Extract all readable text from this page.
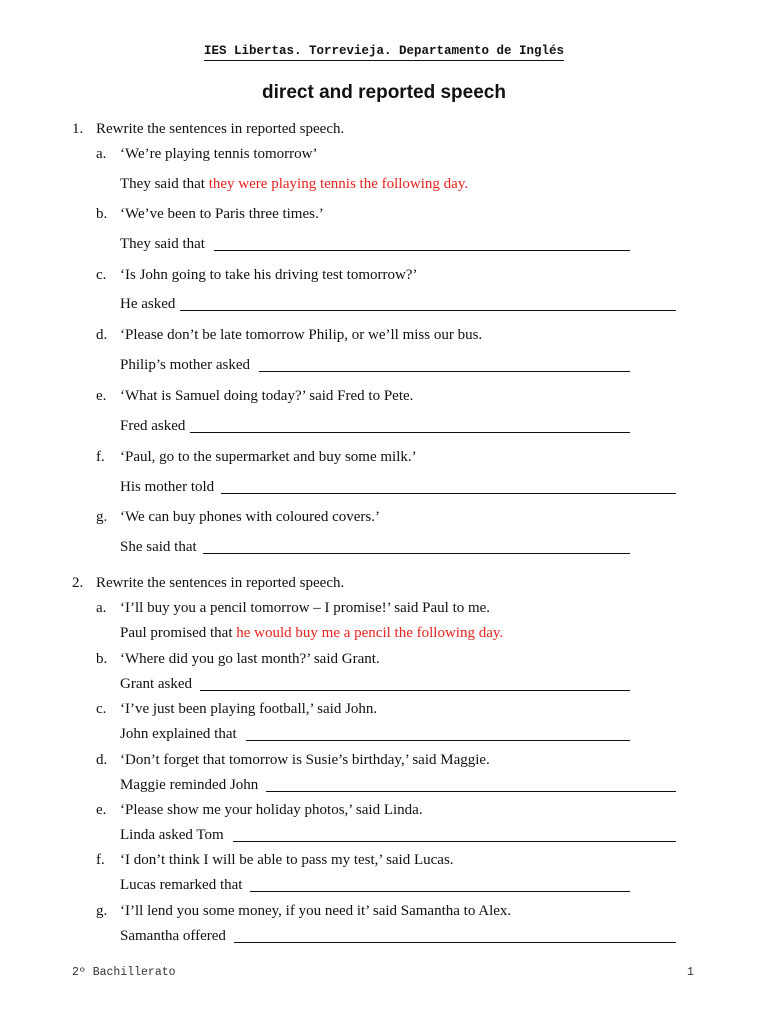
IES Libertas. Torrevieja. Departamento de Inglés
direct and reported speech
1. Rewrite the sentences in reported speech.
a. ‘We’re playing tennis tomorrow’
They said that they were playing tennis the following day.
b. ‘We’ve been to Paris three times.’
They said that
c. ‘Is John going to take his driving test tomorrow?’
He asked
d. ‘Please don’t be late tomorrow Philip, or we’ll miss our bus.
Philip’s mother asked
e. ‘What is Samuel doing today?’ said Fred to Pete.
Fred asked
f. ‘Paul, go to the supermarket and buy some milk.’
His mother told
g. ‘We can buy phones with coloured covers.’
She said that
2. Rewrite the sentences in reported speech.
a. ‘I’ll buy you a pencil tomorrow – I promise!’ said Paul to me.
Paul promised that he would buy me a pencil the following day.
b. ‘Where did you go last month?’ said Grant.
Grant asked
c. ‘I’ve just been playing football,’ said John.
John explained that
d. ‘Don’t forget that tomorrow is Susie’s birthday,’ said Maggie.
Maggie reminded John
e. ‘Please show me your holiday photos,’ said Linda.
Linda asked Tom
f. ‘I don’t think I will be able to pass my test,’ said Lucas.
Lucas remarked that
g. ‘I’ll lend you some money, if you need it’ said Samantha to Alex.
Samantha offered
2º Bachillerato	1
